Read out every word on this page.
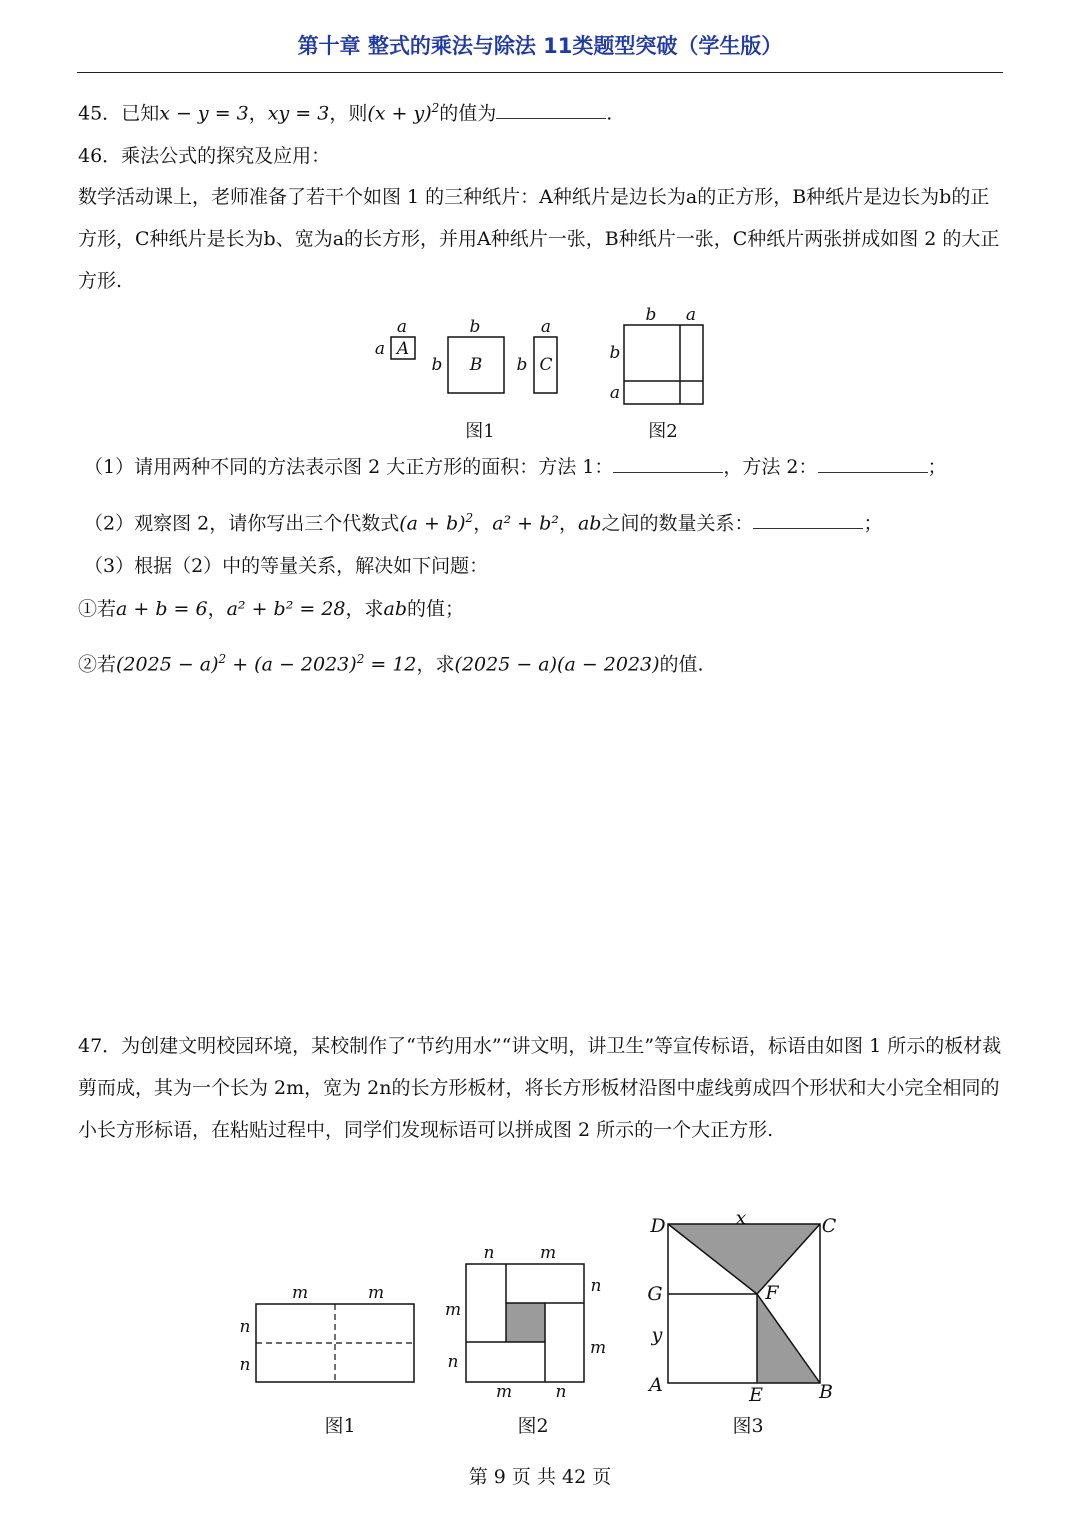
第十章 整式的乘法与除法 11类题型突破（学生版）
45．已知x − y = 3，xy = 3，则$(x + y)^2$的值为	.
46．乘法公式的探究及应用：
数学活动课上，老师准备了若干个如图 1 的三种纸片：A种纸片是边长为a的正方形，B种纸片是边长为b的正方形，C种纸片是长为b、宽为a的长方形，并用A种纸片一张，B种纸片一张，C种纸片两张拼成如图 2 的大正方形.
A
a
a
B
b
b	C
a
b
b a
b
a
图1	图2
（1）请用两种不同的方法表示图 2 大正方形的面积：方法 1：	，方法 2：	；
（2）观察图 2，请你写出三个代数式$(a + b)^2$，a² + b²，ab之间的数量关系：	；
（3）根据（2）中的等量关系，解决如下问题：
①若a + b = 6，a² + b² = 28，求ab的值；
②若$(2025 - a)^2 + (a - 2023)^2 = 12$，求(2025 − a)(a − 2023)的值.
47．为创建文明校园环境，某校制作了“节约用水”“讲文明，讲卫生”等宣传标语，标语由如图 1 所示的板材裁剪而成，其为一个长为 2m，宽为 2n的长方形板材，将长方形板材沿图中虚线剪成四个形状和大小完全相同的小长方形标语，在粘贴过程中，同学们发现标语可以拼成图 2 所示的一个大正方形.
m	m
n
n
n	m
n
m
m
n
m	n
D	x	C
G	F
y
A	E	B
图1	图2	图3
第 9 页 共 42 页
